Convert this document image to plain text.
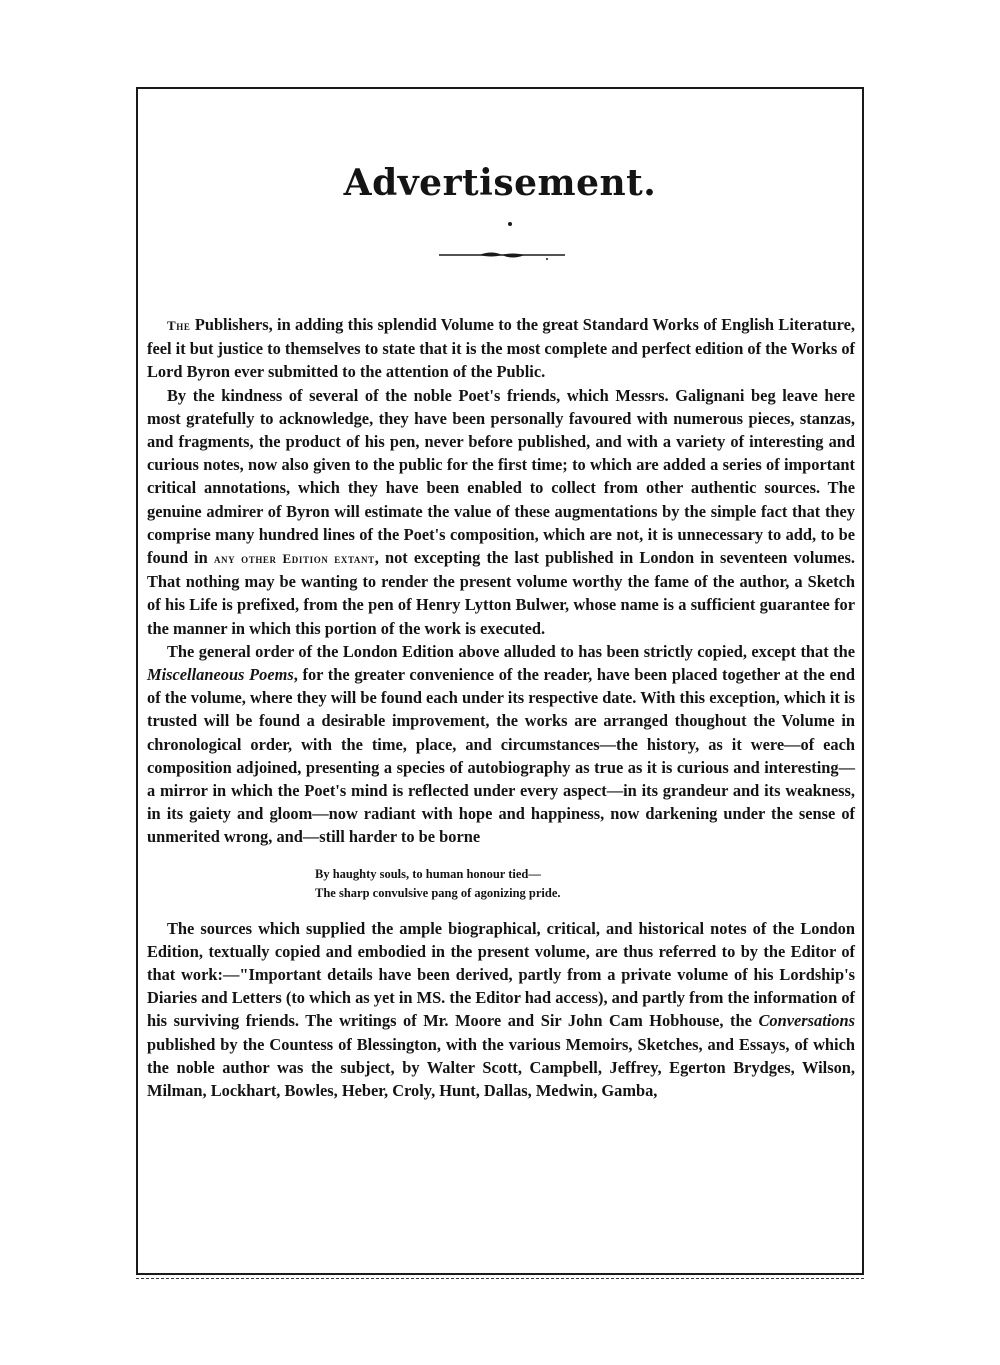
Advertisement.

The Publishers, in adding this splendid Volume to the great Standard Works of English Literature, feel it but justice to themselves to state that it is the most complete and perfect edition of the Works of Lord Byron ever submitted to the attention of the Public.

By the kindness of several of the noble Poet's friends, which Messrs. Galignani beg leave here most gratefully to acknowledge, they have been personally favoured with numerous pieces, stanzas, and fragments, the product of his pen, never before published, and with a variety of interesting and curious notes, now also given to the public for the first time; to which are added a series of important critical annotations, which they have been enabled to collect from other authentic sources. The genuine admirer of Byron will estimate the value of these augmentations by the simple fact that they comprise many hundred lines of the Poet's composition, which are not, it is unnecessary to add, to be found in any other Edition extant, not excepting the last published in London in seventeen volumes. That nothing may be wanting to render the present volume worthy the fame of the author, a Sketch of his Life is prefixed, from the pen of Henry Lytton Bulwer, whose name is a sufficient guarantee for the manner in which this portion of the work is executed.

The general order of the London Edition above alluded to has been strictly copied, except that the Miscellaneous Poems, for the greater convenience of the reader, have been placed together at the end of the volume, where they will be found each under its respective date. With this exception, which it is trusted will be found a desirable improvement, the works are arranged thoughout the Volume in chronological order, with the time, place, and circumstances—the history, as it were—of each composition adjoined, presenting a species of autobiography as true as it is curious and interesting—a mirror in which the Poet's mind is reflected under every aspect—in its grandeur and its weakness, in its gaiety and gloom—now radiant with hope and happiness, now darkening under the sense of unmerited wrong, and—still harder to be borne

By haughty souls, to human honour tied—
The sharp convulsive pang of agonizing pride.

The sources which supplied the ample biographical, critical, and historical notes of the London Edition, textually copied and embodied in the present volume, are thus referred to by the Editor of that work:—"Important details have been derived, partly from a private volume of his Lordship's Diaries and Letters (to which as yet in MS. the Editor had access), and partly from the information of his surviving friends. The writings of Mr. Moore and Sir John Cam Hobhouse, the Conversations published by the Countess of Blessington, with the various Memoirs, Sketches, and Essays, of which the noble author was the subject, by Walter Scott, Campbell, Jeffrey, Egerton Brydges, Wilson, Milman, Lockhart, Bowles, Heber, Croly, Hunt, Dallas, Medwin, Gamba,
